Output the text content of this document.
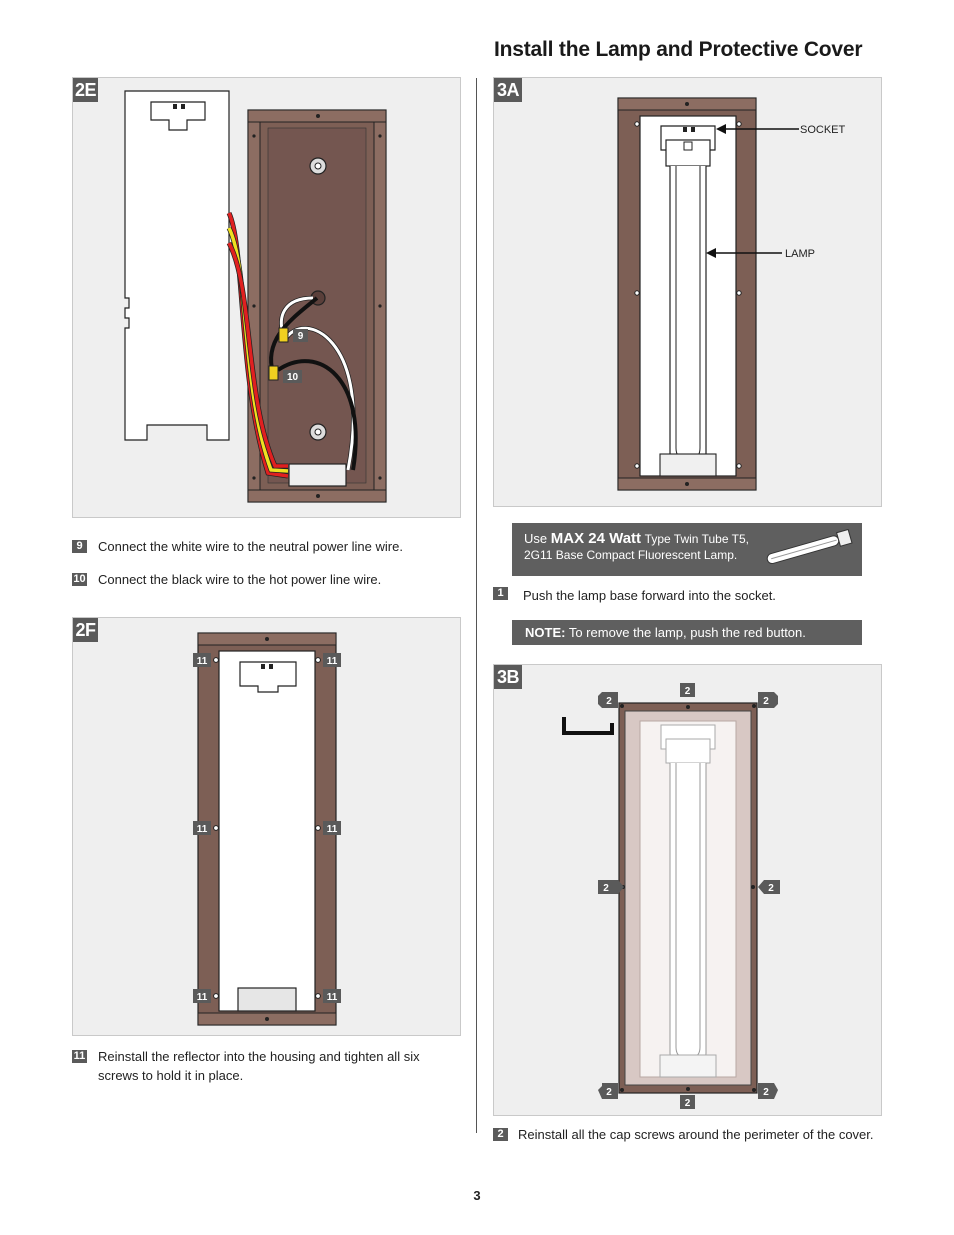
Install the Lamp and Protective Cover
2E
9
10
9	Connect the white wire to the neutral power line wire.
10 Connect the black wire to the hot power line wire.
2F
11	11
11	11
11	11
11 Reinstall the reflector into the housing and tighten all six screws to hold it in place.
3A
SOCKET
LAMP
Use MAX 24 Watt Type Twin Tube T5,
2G11 Base Compact Fluorescent Lamp.
1	Push the lamp base forward into the socket.
NOTE: To remove the lamp, push the red button.
3B
2
2
2	2
2	2
2	2
2	Reinstall all the cap screws around the perimeter of the cover.
3
